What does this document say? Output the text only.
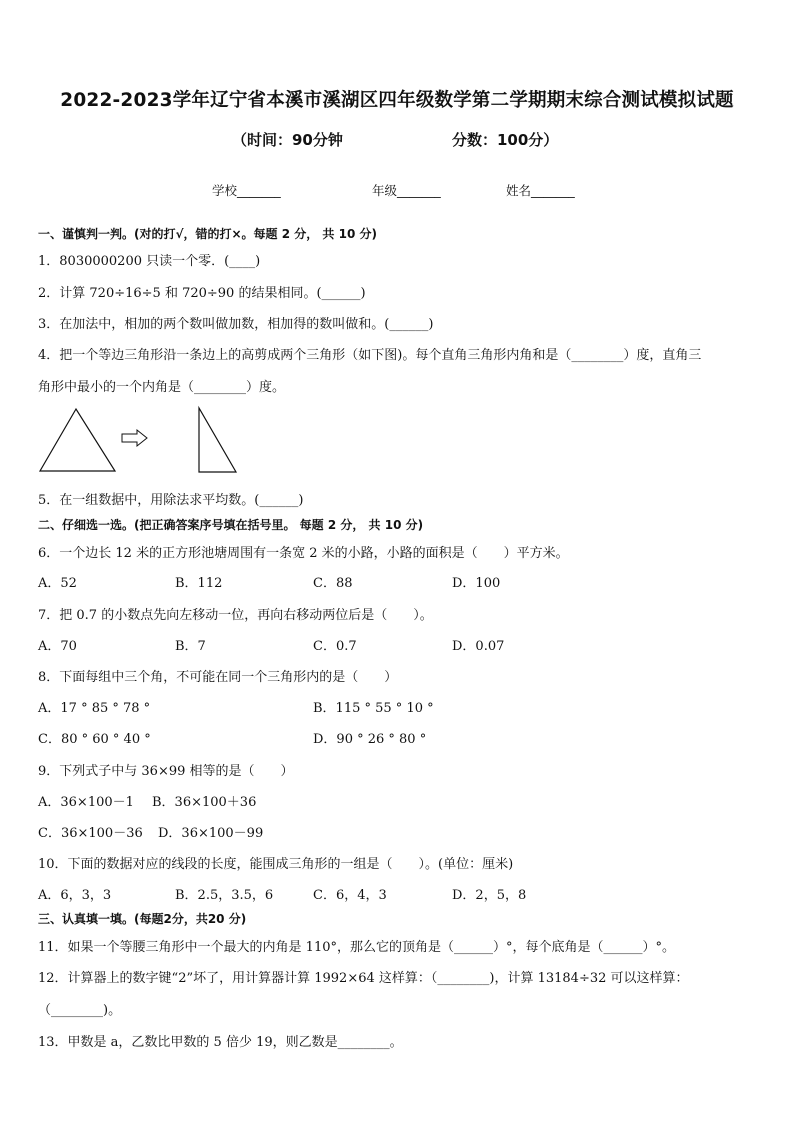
2022-2023学年辽宁省本溪市溪湖区四年级数学第二学期期末综合测试模拟试题
（时间：90分钟	分数：100分）
学校_______	年级_______	姓名_______
一、谨慎判一判。(对的打√，错的打×。每题 2 分， 共 10 分)
1．8030000200 只读一个零．(____)
2．计算 720÷16÷5 和 720÷90 的结果相同。(______)
3．在加法中，相加的两个数叫做加数，相加得的数叫做和。(______)
4．把一个等边三角形沿一条边上的高剪成两个三角形（如下图)。每个直角三角形内角和是（________）度，直角三
角形中最小的一个内角是（________）度。
5．在一组数据中，用除法求平均数。(______)
二、仔细选一选。(把正确答案序号填在括号里。 每题 2 分， 共 10 分)
6．一个边长 12 米的正方形池塘周围有一条宽 2 米的小路，小路的面积是（　　）平方米。
A．52	B．112	C．88	D．100
7．把 0.7 的小数点先向左移动一位，再向右移动两位后是（　　）。
A．70	B．7	C．0.7	D．0.07
8．下面每组中三个角，不可能在同一个三角形内的是（　　）
A．17 ° 85 ° 78 °	B．115 ° 55 ° 10 °
C．80 ° 60 ° 40 °	D．90 ° 26 ° 80 °
9．下列式子中与 36×99 相等的是（　　）
A．36×100－1 B．36×100＋36
C．36×100－36 D．36×100－99
10．下面的数据对应的线段的长度，能围成三角形的一组是（　　）。(单位：厘米)
A．6，3，3	B．2.5，3.5，6	C．6，4，3	D．2，5，8
三、认真填一填。(每题2分，共20 分)
11．如果一个等腰三角形中一个最大的内角是 110°，那么它的顶角是（______）°，每个底角是（______）°。
12．计算器上的数字键“2”坏了，用计算器计算 1992×64 这样算：（________)，计算 13184÷32 可以这样算：
（________)。
13．甲数是 a，乙数比甲数的 5 倍少 19，则乙数是________。
